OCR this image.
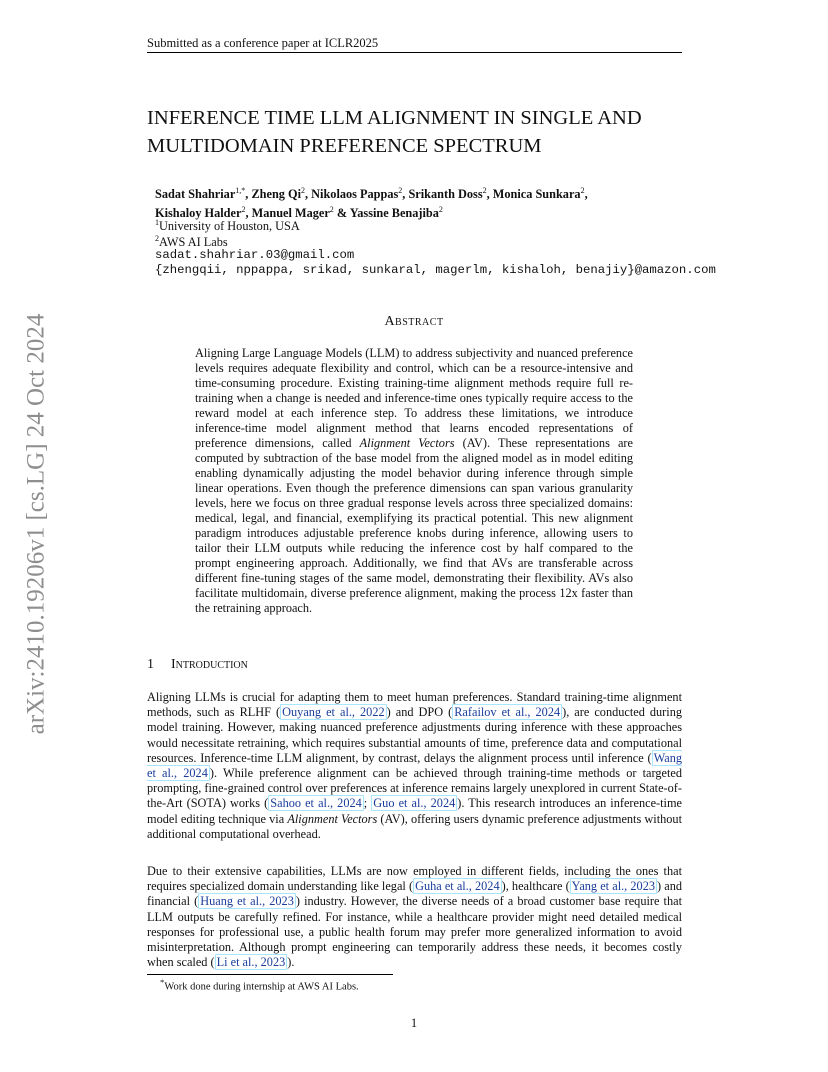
Submitted as a conference paper at ICLR2025
arXiv:2410.19206v1 [cs.LG] 24 Oct 2024
INFERENCE TIME LLM ALIGNMENT IN SINGLE AND
MULTIDOMAIN PREFERENCE SPECTRUM
Sadat Shahriar$^{1,*}$, Zheng Qi$^2$, Nikolaos Pappas$^2$, Srikanth Doss$^2$, Monica Sunkara$^2$,
Kishaloy Halder$^2$, Manuel Mager$^2$ & Yassine Benajiba$^2$
$^1$University of Houston, USA
$^2$AWS AI Labs
sadat.shahriar.03@gmail.com
{zhengqii, nppappa, srikad, sunkaral, magerlm, kishaloh, benajiy}@amazon.com
Abstract
Aligning Large Language Models (LLM) to address subjectivity and nuanced preference levels requires adequate flexibility and control, which can be a resource-intensive and time-consuming procedure. Existing training-time alignment methods require full re-training when a change is needed and inference-time ones typically require access to the reward model at each inference step. To address these limitations, we introduce inference-time model alignment method that learns encoded representations of preference dimensions, called Alignment Vectors (AV). These representations are computed by subtraction of the base model from the aligned model as in model editing enabling dynamically adjusting the model behavior during inference through simple linear operations. Even though the preference dimensions can span various granularity levels, here we focus on three gradual response levels across three specialized domains: medical, legal, and financial, exemplifying its practical potential. This new alignment paradigm introduces adjustable preference knobs during inference, allowing users to tailor their LLM outputs while reducing the inference cost by half compared to the prompt engineering approach. Additionally, we find that AVs are transferable across different fine-tuning stages of the same model, demonstrating their flexibility. AVs also facilitate multidomain, diverse preference alignment, making the process 12x faster than the retraining approach.
1 Introduction
Aligning LLMs is crucial for adapting them to meet human preferences. Standard training-time alignment methods, such as RLHF ( Ouyang et al., 2022 ) and DPO ( Rafailov et al., 2024 ), are conducted during model training. However, making nuanced preference adjustments during inference with these approaches would necessitate retraining, which requires substantial amounts of time, preference data and computational resources. Inference-time LLM alignment, by contrast, delays the alignment process until inference ( Wang et al., 2024 ). While preference alignment can be achieved through training-time methods or targeted prompting, fine-grained control over preferences at inference remains largely unexplored in current State-of-the-Art (SOTA) works ( Sahoo et al., 2024 ; Guo et al., 2024 ). This research introduces an inference-time model editing technique via Alignment Vectors (AV), offering users dynamic preference adjustments without additional computational overhead.
Due to their extensive capabilities, LLMs are now employed in different fields, including the ones that requires specialized domain understanding like legal ( Guha et al., 2024 ), healthcare ( Yang et al., 2023 ) and financial ( Huang et al., 2023 ) industry. However, the diverse needs of a broad customer base require that LLM outputs be carefully refined. For instance, while a healthcare provider might need detailed medical responses for professional use, a public health forum may prefer more generalized information to avoid misinterpretation. Although prompt engineering can temporarily address these needs, it becomes costly when scaled ( Li et al., 2023 ).
*Work done during internship at AWS AI Labs.
1
